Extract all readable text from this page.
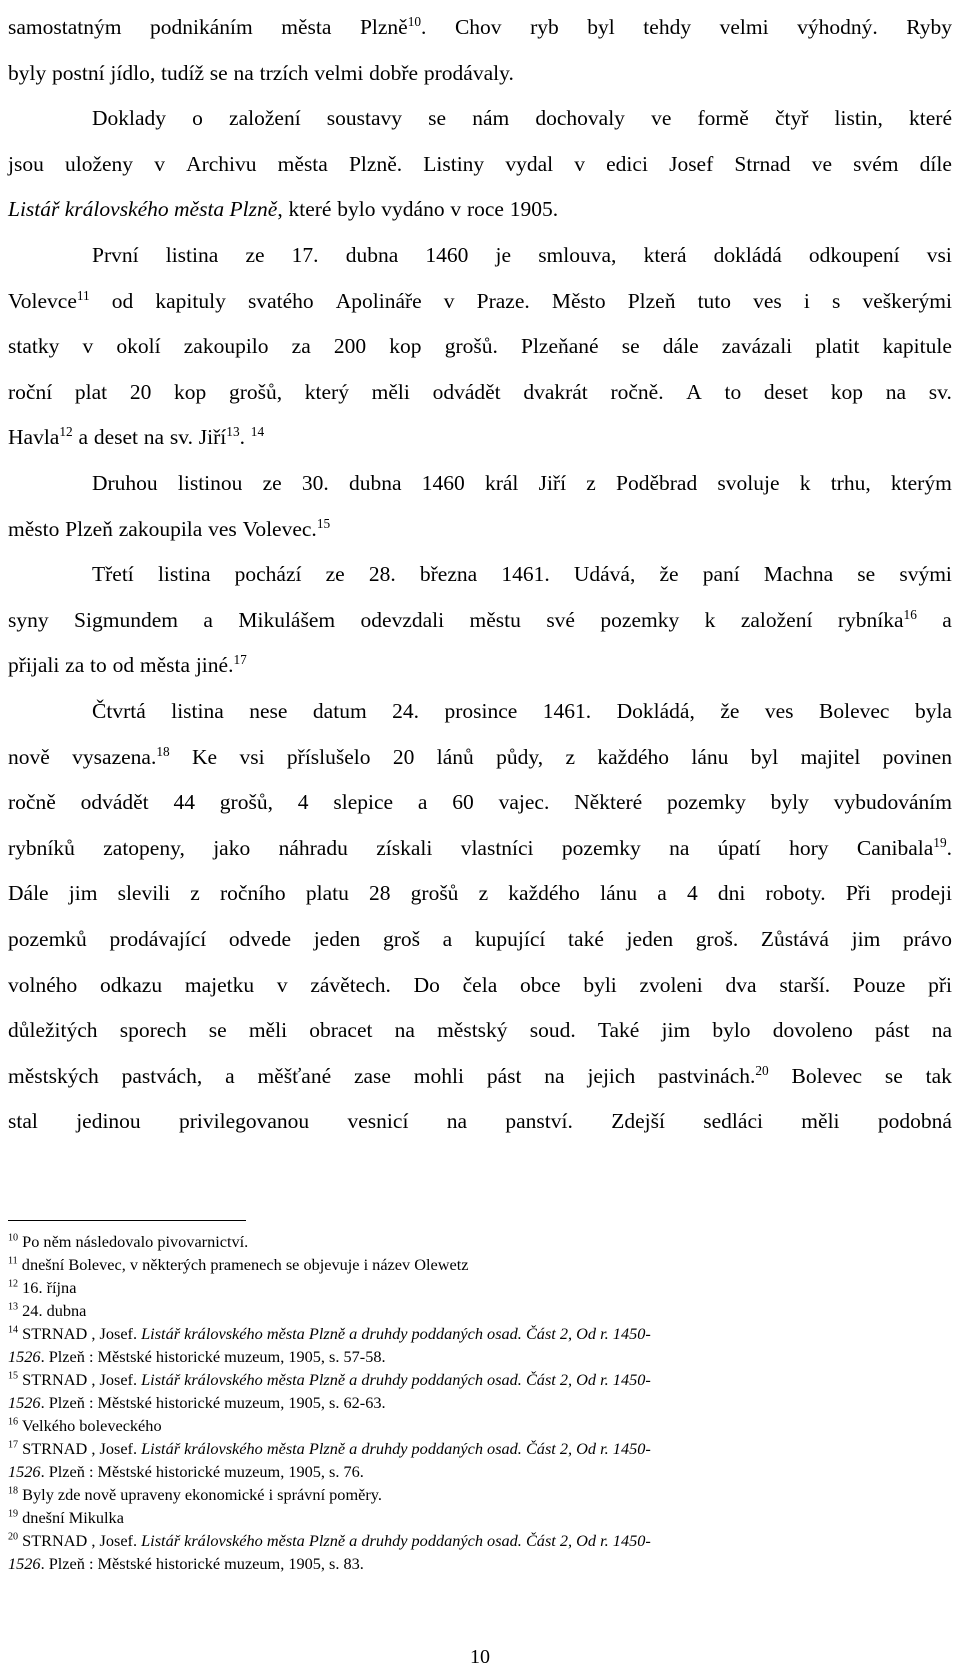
samostatným podnikáním města Plzně$^{10}$. Chov ryb byl tehdy velmi výhodný. Ryby
byly postní jídlo, tudíž se na trzích velmi dobře prodávaly.
Doklady o založení soustavy se nám dochovaly ve formě čtyř listin, které
jsou uloženy v Archivu města Plzně. Listiny vydal v edici Josef Strnad ve svém díle
Listář královského města Plzně, které bylo vydáno v roce 1905.
První listina ze 17. dubna 1460 je smlouva, která dokládá odkoupení vsi
Volevce$^{11}$ od kapituly svatého Apolináře v Praze. Město Plzeň tuto ves i s veškerými
statky v okolí zakoupilo za 200 kop grošů. Plzeňané se dále zavázali platit kapitule
roční plat 20 kop grošů, který měli odvádět dvakrát ročně. A to deset kop na sv.
Havla$^{12}$ a deset na sv. Jiří$^{13}$. $^{14}$
Druhou listinou ze 30. dubna 1460 král Jiří z Poděbrad svoluje k trhu, kterým
město Plzeň zakoupila ves Volevec.$^{15}$
Třetí listina pochází ze 28. března 1461. Udává, že paní Machna se svými
syny Sigmundem a Mikulášem odevzdali městu své pozemky k založení rybníka$^{16}$ a
přijali za to od města jiné.$^{17}$
Čtvrtá listina nese datum 24. prosince 1461. Dokládá, že ves Bolevec byla
nově vysazena.$^{18}$ Ke vsi příslušelo 20 lánů půdy, z každého lánu byl majitel povinen
ročně odvádět 44 grošů, 4 slepice a 60 vajec. Některé pozemky byly vybudováním
rybníků zatopeny, jako náhradu získali vlastníci pozemky na úpatí hory Canibala$^{19}$.
Dále jim slevili z ročního platu 28 grošů z každého lánu a 4 dni roboty. Při prodeji
pozemků prodávající odvede jeden groš a kupující také jeden groš. Zůstává jim právo
volného odkazu majetku v závětech. Do čela obce byli zvoleni dva starší. Pouze při
důležitých sporech se měli obracet na městský soud. Také jim bylo dovoleno pást na
městských pastvách, a měšťané zase mohli pást na jejich pastvinách.$^{20}$ Bolevec se tak
stal jedinou privilegovanou vesnicí na panství. Zdejší sedláci měli podobná
$^{10}$ Po něm následovalo pivovarnictví.
$^{11}$ dnešní Bolevec, v některých pramenech se objevuje i název Olewetz
$^{12}$ 16. října
$^{13}$ 24. dubna
$^{14}$ STRNAD , Josef. Listář královského města Plzně a druhdy poddaných osad. Část 2, Od r. 1450-
1526. Plzeň : Městské historické muzeum, 1905, s. 57-58.
$^{15}$ STRNAD , Josef. Listář královského města Plzně a druhdy poddaných osad. Část 2, Od r. 1450-
1526. Plzeň : Městské historické muzeum, 1905, s. 62-63.
$^{16}$ Velkého boleveckého
$^{17}$ STRNAD , Josef. Listář královského města Plzně a druhdy poddaných osad. Část 2, Od r. 1450-
1526. Plzeň : Městské historické muzeum, 1905, s. 76.
$^{18}$ Byly zde nově upraveny ekonomické i správní poměry.
$^{19}$ dnešní Mikulka
$^{20}$ STRNAD , Josef. Listář královského města Plzně a druhdy poddaných osad. Část 2, Od r. 1450-
1526. Plzeň : Městské historické muzeum, 1905, s. 83.
10
